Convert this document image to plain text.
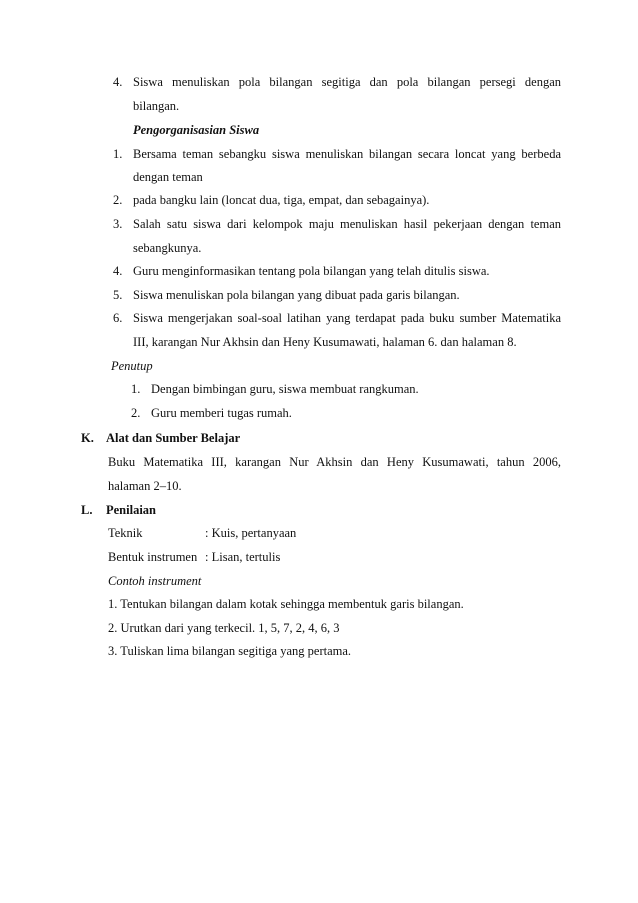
4. Siswa menuliskan pola bilangan segitiga dan pola bilangan persegi dengan
bilangan.
Pengorganisasian Siswa
1. Bersama teman sebangku siswa menuliskan bilangan secara loncat yang berbeda
dengan teman
2. pada bangku lain (loncat dua, tiga, empat, dan sebagainya).
3. Salah satu siswa dari kelompok maju menuliskan hasil pekerjaan dengan teman
sebangkunya.
4. Guru menginformasikan tentang pola bilangan yang telah ditulis siswa.
5. Siswa menuliskan pola bilangan yang dibuat pada garis bilangan.
6. Siswa mengerjakan soal-soal latihan yang terdapat pada buku sumber Matematika
III, karangan Nur Akhsin dan Heny Kusumawati, halaman 6. dan halaman 8.
Penutup
1. Dengan bimbingan guru, siswa membuat rangkuman.
2. Guru memberi tugas rumah.
K. Alat dan Sumber Belajar
Buku Matematika III, karangan Nur Akhsin dan Heny Kusumawati, tahun 2006,
halaman 2–10.
L. Penilaian
Teknik	: Kuis, pertanyaan
Bentuk instrumen : Lisan, tertulis
Contoh instrument
1. Tentukan bilangan dalam kotak sehingga membentuk garis bilangan.
2. Urutkan dari yang terkecil. 1, 5, 7, 2, 4, 6, 3
3. Tuliskan lima bilangan segitiga yang pertama.
